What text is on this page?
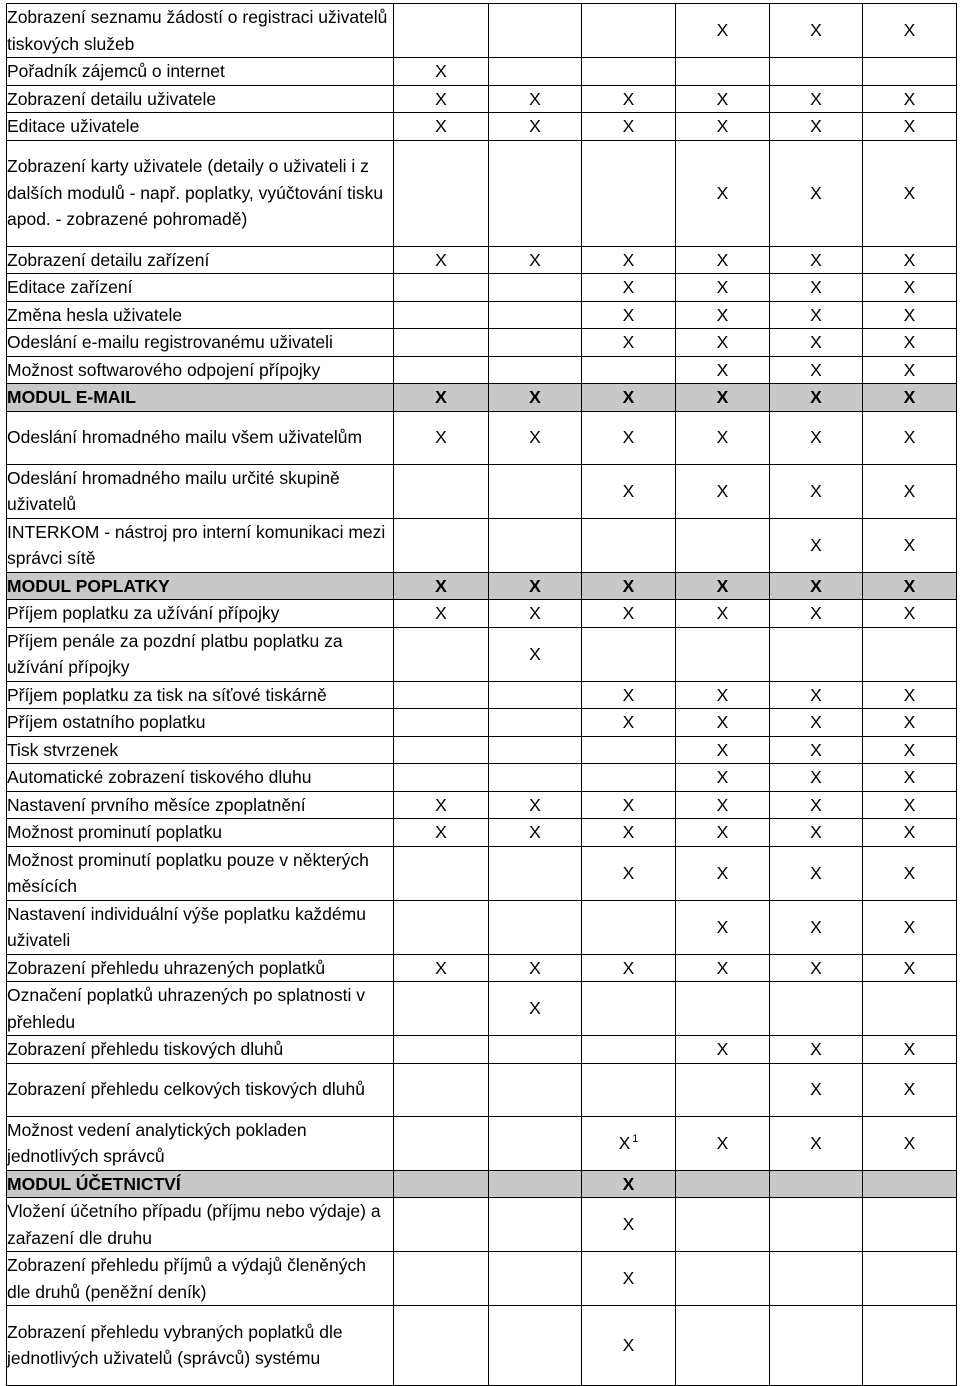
Zobrazení seznamu žádostí o registraci uživatelů tiskových služeb				X	X	X
Pořadník zájemců o internet	X					
Zobrazení detailu uživatele	X	X	X	X	X	X
Editace uživatele	X	X	X	X	X	X
Zobrazení karty uživatele (detaily o uživateli i z dalších modulů - např. poplatky, vyúčtování tisku apod. - zobrazené pohromadě)				X	X	X
Zobrazení detailu zařízení	X	X	X	X	X	X
Editace zařízení			X	X	X	X
Změna hesla uživatele			X	X	X	X
Odeslání e-mailu registrovanému uživateli			X	X	X	X
Možnost softwarového odpojení přípojky				X	X	X
MODUL E-MAIL	X	X	X	X	X	X
Odeslání hromadného mailu všem uživatelům	X	X	X	X	X	X
Odeslání hromadného mailu určité skupině uživatelů			X	X	X	X
INTERKOM - nástroj pro interní komunikaci mezi správci sítě					X	X
MODUL POPLATKY	X	X	X	X	X	X
Příjem poplatku za užívání přípojky	X	X	X	X	X	X
Příjem penále za pozdní platbu poplatku za užívání přípojky		X				
Příjem poplatku za tisk na síťové tiskárně			X	X	X	X
Příjem ostatního poplatku			X	X	X	X
Tisk stvrzenek				X	X	X
Automatické zobrazení tiskového dluhu				X	X	X
Nastavení prvního měsíce zpoplatnění	X	X	X	X	X	X
Možnost prominutí poplatku	X	X	X	X	X	X
Možnost prominutí poplatku pouze v některých měsících			X	X	X	X
Nastavení individuální výše poplatku každému uživateli				X	X	X
Zobrazení přehledu uhrazených poplatků	X	X	X	X	X	X
Označení poplatků uhrazených po splatnosti v přehledu		X				
Zobrazení přehledu tiskových dluhů				X	X	X
Zobrazení přehledu celkových tiskových dluhů					X	X
Možnost vedení analytických pokladen jednotlivých správců			X $^1$	X	X	X
MODUL ÚČETNICTVÍ			X			
Vložení účetního případu (příjmu nebo výdaje) a zařazení dle druhu			X			
Zobrazení přehledu příjmů a výdajů členěných dle druhů (peněžní deník)			X			
Zobrazení přehledu vybraných poplatků dle jednotlivých uživatelů (správců) systému			X			
